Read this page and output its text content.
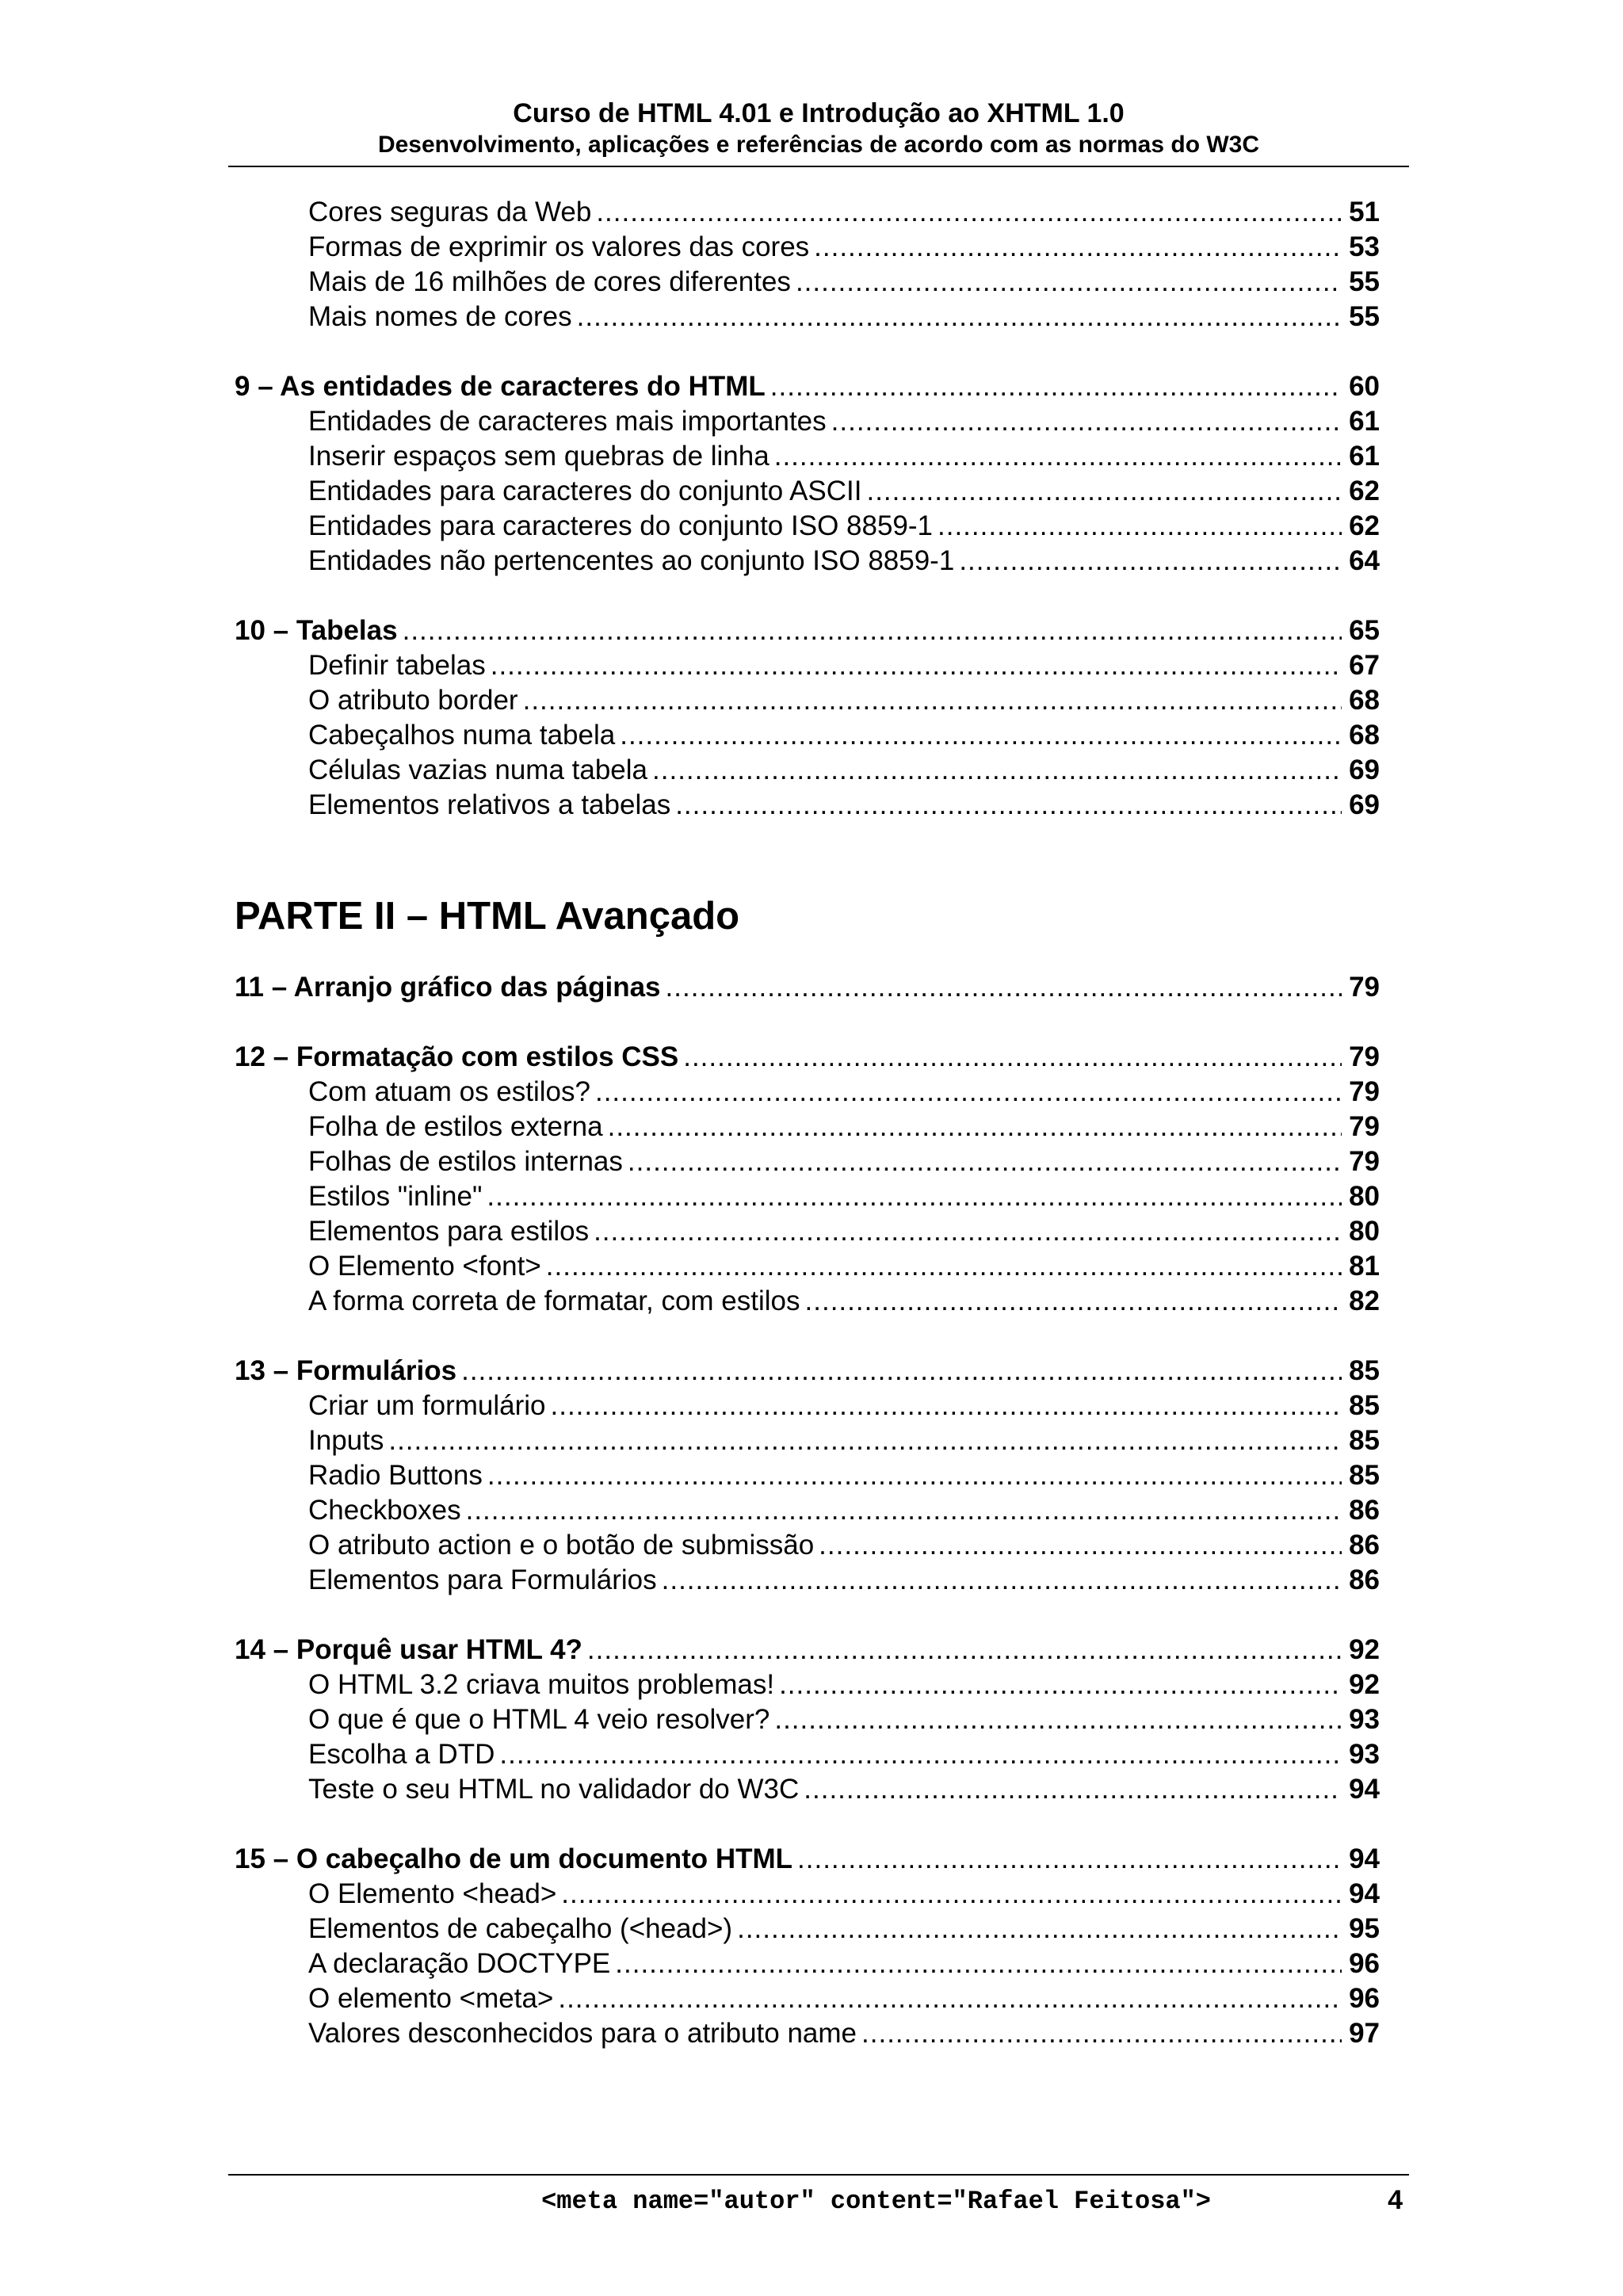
Curso de HTML 4.01 e Introdução ao XHTML 1.0
Desenvolvimento, aplicações e referências de acordo com as normas do W3C
Cores seguras da Web .....	51
Formas de exprimir os valores das cores .....	53
Mais de 16 milhões de cores diferentes .....	55
Mais nomes de cores .....	55
9 – As entidades de caracteres do HTML .....	60
Entidades de caracteres mais importantes .....	61
Inserir espaços sem quebras de linha .....	61
Entidades para caracteres do conjunto ASCII .....	62
Entidades para caracteres do conjunto ISO 8859-1 .....	62
Entidades não pertencentes ao conjunto ISO 8859-1 .....	64
10 – Tabelas .....	65
Definir tabelas .....	67
O atributo border .....	68
Cabeçalhos numa tabela .....	68
Células vazias numa tabela .....	69
Elementos relativos a tabelas .....	69
PARTE II – HTML Avançado
11 – Arranjo gráfico das páginas .....	79
12 – Formatação com estilos CSS .....	79
Com atuam os estilos? .....	79
Folha de estilos externa .....	79
Folhas de estilos internas .....	79
Estilos "inline" .....	80
Elementos para estilos .....	80
O Elemento <font> .....	81
A forma correta de formatar, com estilos .....	82
13 – Formulários .....	85
Criar um formulário .....	85
Inputs .....	85
Radio Buttons .....	85
Checkboxes .....	86
O atributo action e o botão de submissão .....	86
Elementos para Formulários .....	86
14 – Porquê usar HTML 4? .....	92
O HTML 3.2 criava muitos problemas! .....	92
O que é que o HTML 4 veio resolver? .....	93
Escolha a DTD .....	93
Teste o seu HTML no validador do W3C .....	94
15 – O cabeçalho de um documento HTML .....	94
O Elemento <head> .....	94
Elementos de cabeçalho (<head>) .....	95
A declaração DOCTYPE .....	96
O elemento <meta> .....	96
Valores desconhecidos para o atributo name .....	97
<meta name="autor" content="Rafael Feitosa">	4
